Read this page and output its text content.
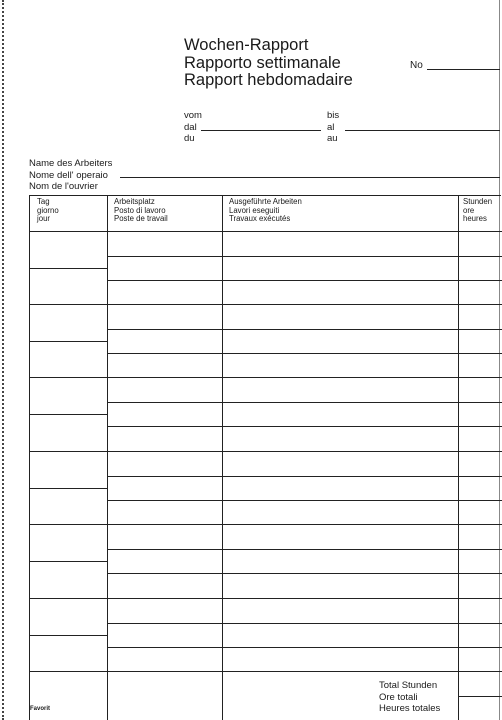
Wochen-Rapport
Rapporto settimanale
Rapport hebdomadaire
No
vom
dal
du
bis
al
au
Name des Arbeiters
Nome dell' operaio
Nom de l'ouvrier
Tag
giorno
jour
Arbeitsplatz
Posto di lavoro
Poste de travail
Ausgeführte Arbeiten
Lavori eseguiti
Travaux exécutés
Stunden
ore
heures
Total Stunden
Ore totali
Heures totales
Favorit
